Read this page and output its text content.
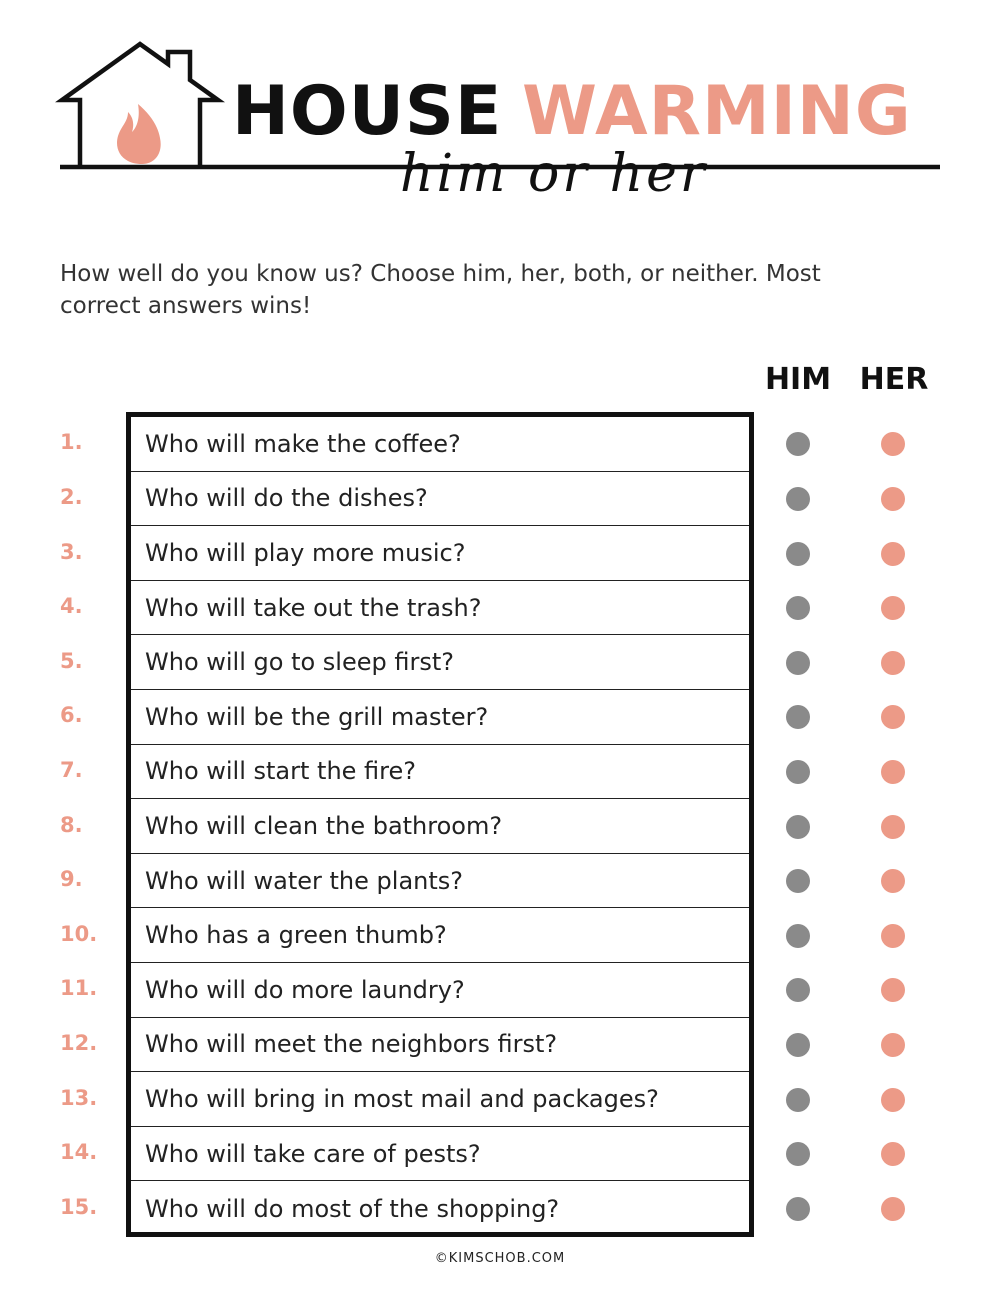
HOUSE WARMING
him or her
How well do you know us? Choose him, her, both, or neither. Most correct answers wins!
HIM HER
Who will make the coffee?
Who will do the dishes?
Who will play more music?
Who will take out the trash?
Who will go to sleep first?
Who will be the grill master?
Who will start the fire?
Who will clean the bathroom?
Who will water the plants?
Who has a green thumb?
Who will do more laundry?
Who will meet the neighbors first?
Who will bring in most mail and packages?
Who will take care of pests?
Who will do most of the shopping?
1.
2.
3.
4.
5.
6.
7.
8.
9.
10.
11.
12.
13.
14.
15.
©KIMSCHOB.COM
